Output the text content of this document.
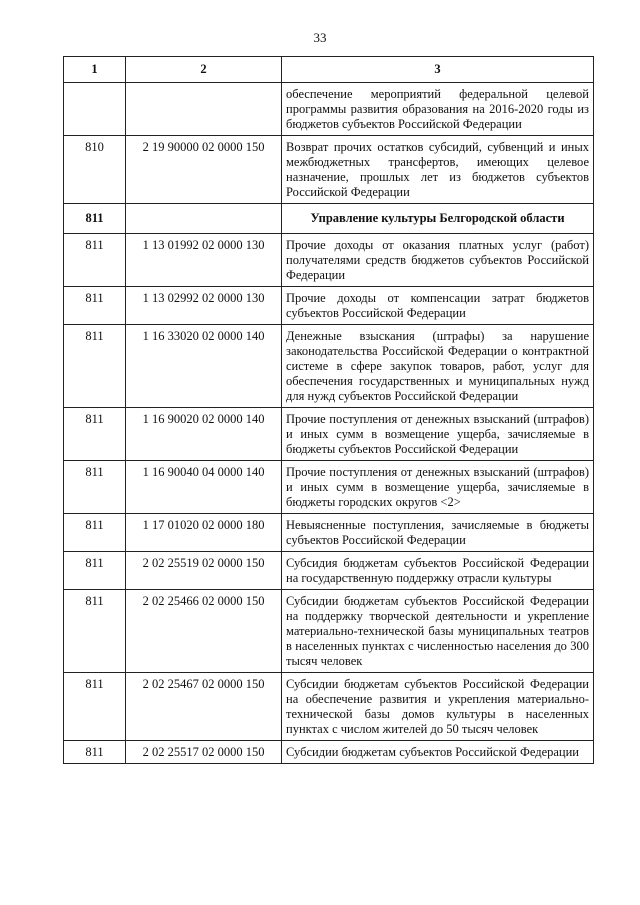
33
1	2	3
		обеспечение мероприятий федеральной целевой программы развития образования на 2016-2020 годы из бюджетов субъектов Российской Федерации
810	2 19 90000 02 0000 150	Возврат прочих остатков субсидий, субвенций и иных межбюджетных трансфертов, имеющих целевое назначение, прошлых лет из бюджетов субъектов Российской Федерации
811		Управление культуры Белгородской области
811	1 13 01992 02 0000 130	Прочие доходы от оказания платных услуг (работ) получателями средств бюджетов субъектов Российской Федерации
811	1 13 02992 02 0000 130	Прочие доходы от компенсации затрат бюджетов субъектов Российской Федерации
811	1 16 33020 02 0000 140	Денежные взыскания (штрафы) за нарушение законодательства Российской Федерации о контрактной системе в сфере закупок товаров, работ, услуг для обеспечения государственных и муниципальных нужд для нужд субъектов Российской Федерации
811	1 16 90020 02 0000 140	Прочие поступления от денежных взысканий (штрафов) и иных сумм в возмещение ущерба, зачисляемые в бюджеты субъектов Российской Федерации
811	1 16 90040 04 0000 140	Прочие поступления от денежных взысканий (штрафов) и иных сумм в возмещение ущерба, зачисляемые в бюджеты городских округов <2>
811	1 17 01020 02 0000 180	Невыясненные поступления, зачисляемые в бюджеты субъектов Российской Федерации
811	2 02 25519 02 0000 150	Субсидия бюджетам субъектов Российской Федерации на государственную поддержку отрасли культуры
811	2 02 25466 02 0000 150	Субсидии бюджетам субъектов Российской Федерации на поддержку творческой деятельности и укрепление материально-технической базы муниципальных театров в населенных пунктах с численностью населения до 300 тысяч человек
811	2 02 25467 02 0000 150	Субсидии бюджетам субъектов Российской Федерации на обеспечение развития и укрепления материально-технической базы домов культуры в населенных пунктах с числом жителей до 50 тысяч человек
811	2 02 25517 02 0000 150	Субсидии бюджетам субъектов Российской Федерации
